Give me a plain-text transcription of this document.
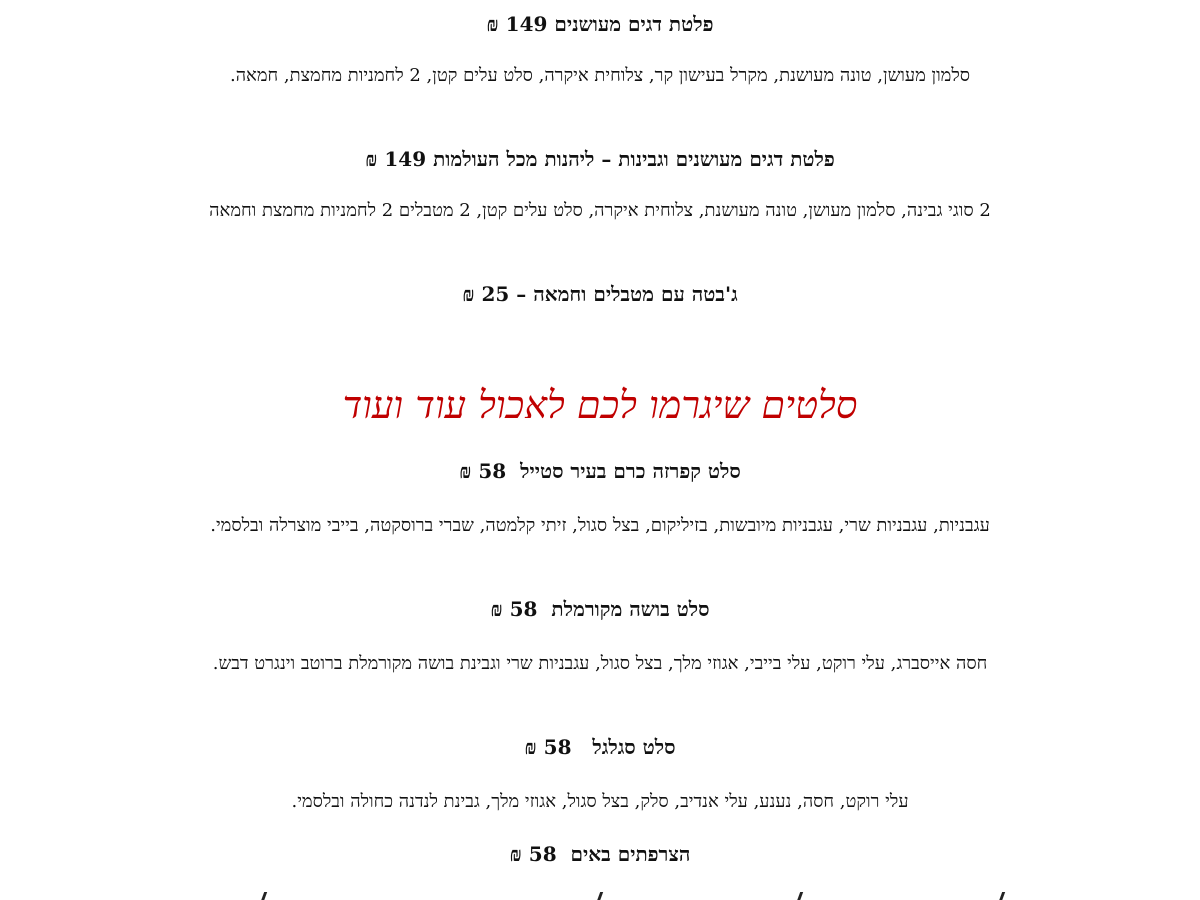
פלטת דגים מעושנים 149 ₪
סלמון מעושן, טונה מעושנת, מקרל בעישון קר, צלוחית איקרה, סלט עלים קטן, 2 לחמניות מחמצת, חמאה.
פלטת דגים מעושנים וגבינות – ליהנות מכל העולמות 149 ₪
2 סוגי גבינה, סלמון מעושן, טונה מעושנת, צלוחית איקרה, סלט עלים קטן, 2 מטבלים 2 לחמניות מחמצת וחמאה
ג'בטה עם מטבלים וחמאה – 25 ₪
סלטים שיגרמו לכם לאכול עוד ועוד
סלט קפרזה כרם בעיר סטייל  58 ₪
עגבניות, עגבניות שרי, עגבניות מיובשות, בזיליקום, בצל סגול, זיתי קלמטה, שברי ברוסקטה, בייבי מוצרלה ובלסמי.
סלט בושה מקורמלת  58 ₪
חסה אייסברג, עלי רוקט, עלי בייבי, אגוזי מלך, בצל סגול, עגבניות שרי וגבינת בושה מקורמלת ברוטב וינגרט דבש.
סלט סגלגל   58 ₪
עלי רוקט, חסה, נענע, עלי אנדיב, סלק, בצל סגול, אגוזי מלך, גבינת לנדנה כחולה ובלסמי.
הצרפתים באים  58 ₪
